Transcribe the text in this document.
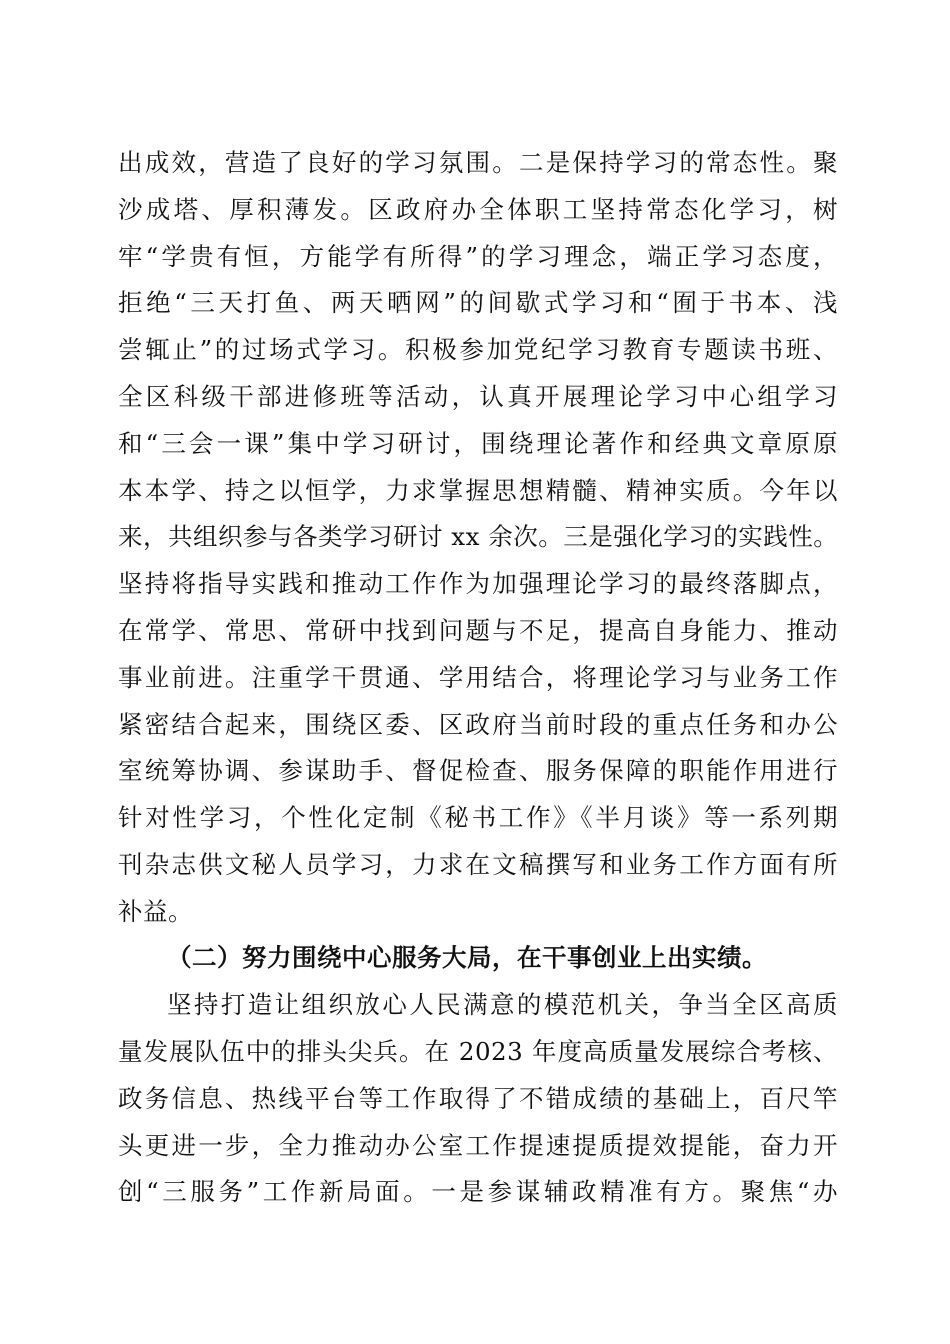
出成效，营造了良好的学习氛围。二是保持学习的常态性。聚
沙成塔、厚积薄发。区政府办全体职工坚持常态化学习，树
牢“学贵有恒，方能学有所得”的学习理念，端正学习态度，
拒绝“三天打鱼、两天晒网”的间歇式学习和“囿于书本、浅
尝辄止”的过场式学习。积极参加党纪学习教育专题读书班、
全区科级干部进修班等活动，认真开展理论学习中心组学习
和“三会一课”集中学习研讨，围绕理论著作和经典文章原原
本本学、持之以恒学，力求掌握思想精髓、精神实质。今年以
来，共组织参与各类学习研讨 xx 余次。三是强化学习的实践性。
坚持将指导实践和推动工作作为加强理论学习的最终落脚点，
在常学、常思、常研中找到问题与不足，提高自身能力、推动
事业前进。注重学干贯通、学用结合，将理论学习与业务工作
紧密结合起来，围绕区委、区政府当前时段的重点任务和办公
室统筹协调、参谋助手、督促检查、服务保障的职能作用进行
针对性学习，个性化定制《秘书工作》《半月谈》等一系列期
刊杂志供文秘人员学习，力求在文稿撰写和业务工作方面有所
补益。
（二）努力围绕中心服务大局，在干事创业上出实绩。
坚持打造让组织放心人民满意的模范机关，争当全区高质
量发展队伍中的排头尖兵。在 2023 年度高质量发展综合考核、
政务信息、热线平台等工作取得了不错成绩的基础上，百尺竿
头更进一步，全力推动办公室工作提速提质提效提能，奋力开
创“三服务”工作新局面。一是参谋辅政精准有方。聚焦“办
